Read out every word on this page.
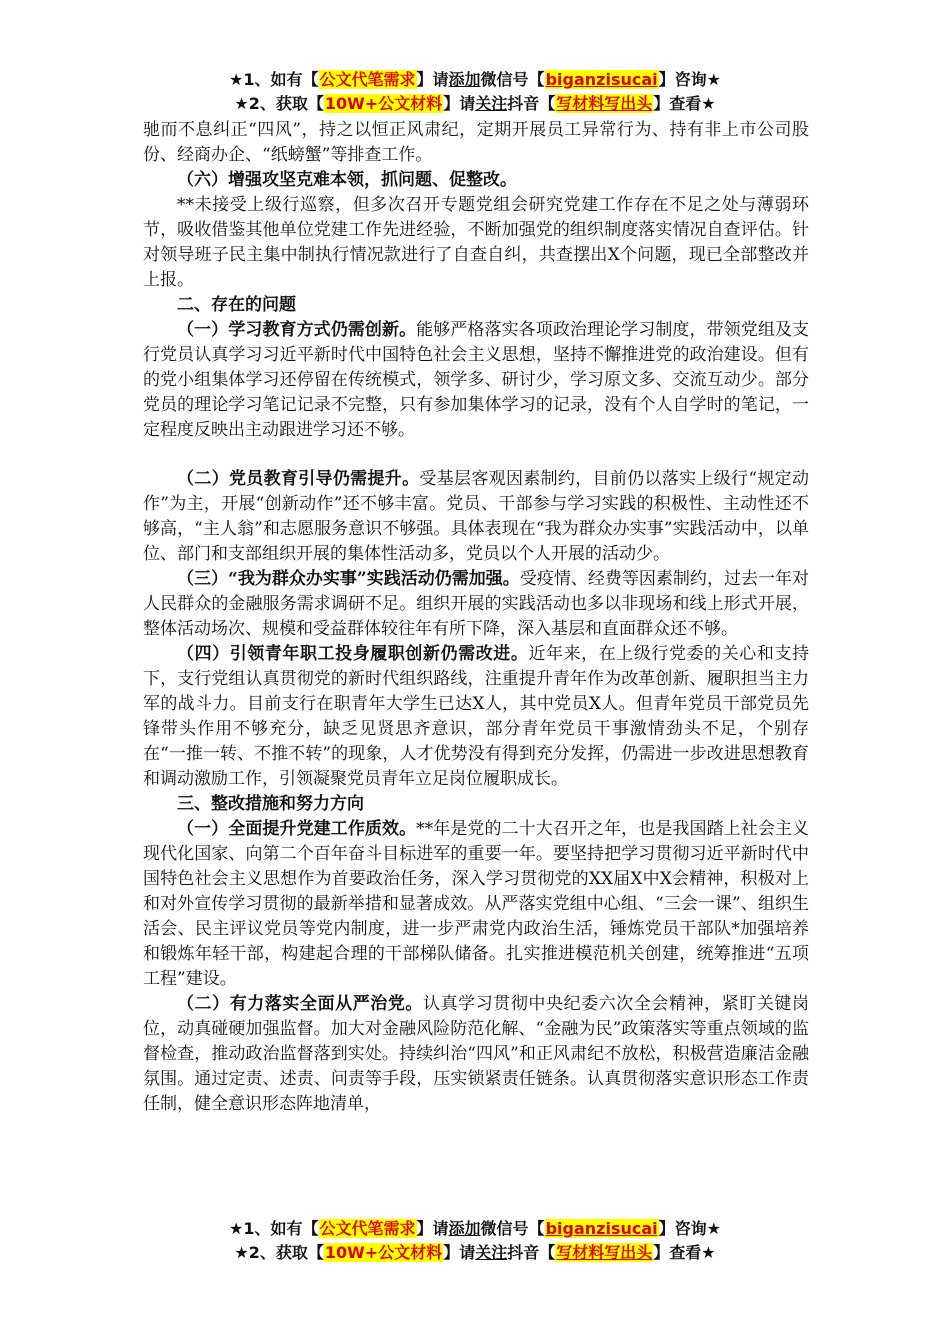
★1、如有【公文代笔需求】请添加微信号【biganzisucai】咨询★
★2、获取【10W+公文材料】请关注抖音【写材料写出头】查看★

驰而不息纠正“四风”，持之以恒正风肃纪，定期开展员工异常行为、持有非上市公司股份、经商办企、“纸螃蟹”等排查工作。

（六）增强攻坚克难本领，抓问题、促整改。

**未接受上级行巡察，但多次召开专题党组会研究党建工作存在不足之处与薄弱环节，吸收借鉴其他单位党建工作先进经验，不断加强党的组织制度落实情况自查评估。针对领导班子民主集中制执行情况款进行了自查自纠，共查摆出X个问题，现已全部整改并上报。

二、存在的问题

（一）学习教育方式仍需创新。能够严格落实各项政治理论学习制度，带领党组及支行党员认真学习习近平新时代中国特色社会主义思想，坚持不懈推进党的政治建设。但有的党小组集体学习还停留在传统模式，领学多、研讨少，学习原文多、交流互动少。部分党员的理论学习笔记记录不完整，只有参加集体学习的记录，没有个人自学时的笔记，一定程度反映出主动跟进学习还不够。

（二）党员教育引导仍需提升。受基层客观因素制约，目前仍以落实上级行“规定动作”为主，开展“创新动作”还不够丰富。党员、干部参与学习实践的积极性、主动性还不够高，“主人翁”和志愿服务意识不够强。具体表现在“我为群众办实事”实践活动中，以单位、部门和支部组织开展的集体性活动多，党员以个人开展的活动少。

（三）“我为群众办实事”实践活动仍需加强。受疫情、经费等因素制约，过去一年对人民群众的金融服务需求调研不足。组织开展的实践活动也多以非现场和线上形式开展，整体活动场次、规模和受益群体较往年有所下降，深入基层和直面群众还不够。

（四）引领青年职工投身履职创新仍需改进。近年来，在上级行党委的关心和支持下，支行党组认真贯彻党的新时代组织路线，注重提升青年作为改革创新、履职担当主力军的战斗力。目前支行在职青年大学生已达X人，其中党员X人。但青年党员干部党员先锋带头作用不够充分，缺乏见贤思齐意识，部分青年党员干事激情劲头不足，个别存在“一推一转、不推不转”的现象，人才优势没有得到充分发挥，仍需进一步改进思想教育和调动激励工作，引领凝聚党员青年立足岗位履职成长。

三、整改措施和努力方向

（一）全面提升党建工作质效。**年是党的二十大召开之年，也是我国踏上社会主义现代化国家、向第二个百年奋斗目标进军的重要一年。要坚持把学习贯彻习近平新时代中国特色社会主义思想作为首要政治任务，深入学习贯彻党的XX届X中X会精神，积极对上和对外宣传学习贯彻的最新举措和显著成效。从严落实党组中心组、“三会一课”、组织生活会、民主评议党员等党内制度，进一步严肃党内政治生活，锤炼党员干部队*加强培养和锻炼年轻干部，构建起合理的干部梯队储备。扎实推进模范机关创建，统筹推进“五项工程”建设。

（二）有力落实全面从严治党。认真学习贯彻中央纪委六次全会精神，紧盯关键岗位，动真碰硬加强监督。加大对金融风险防范化解、“金融为民”政策落实等重点领域的监督检查，推动政治监督落到实处。持续纠治“四风”和正风肃纪不放松，积极营造廉洁金融氛围。通过定责、述责、问责等手段，压实锁紧责任链条。认真贯彻落实意识形态工作责任制，健全意识形态阵地清单，

★1、如有【公文代笔需求】请添加微信号【biganzisucai】咨询★
★2、获取【10W+公文材料】请关注抖音【写材料写出头】查看★
